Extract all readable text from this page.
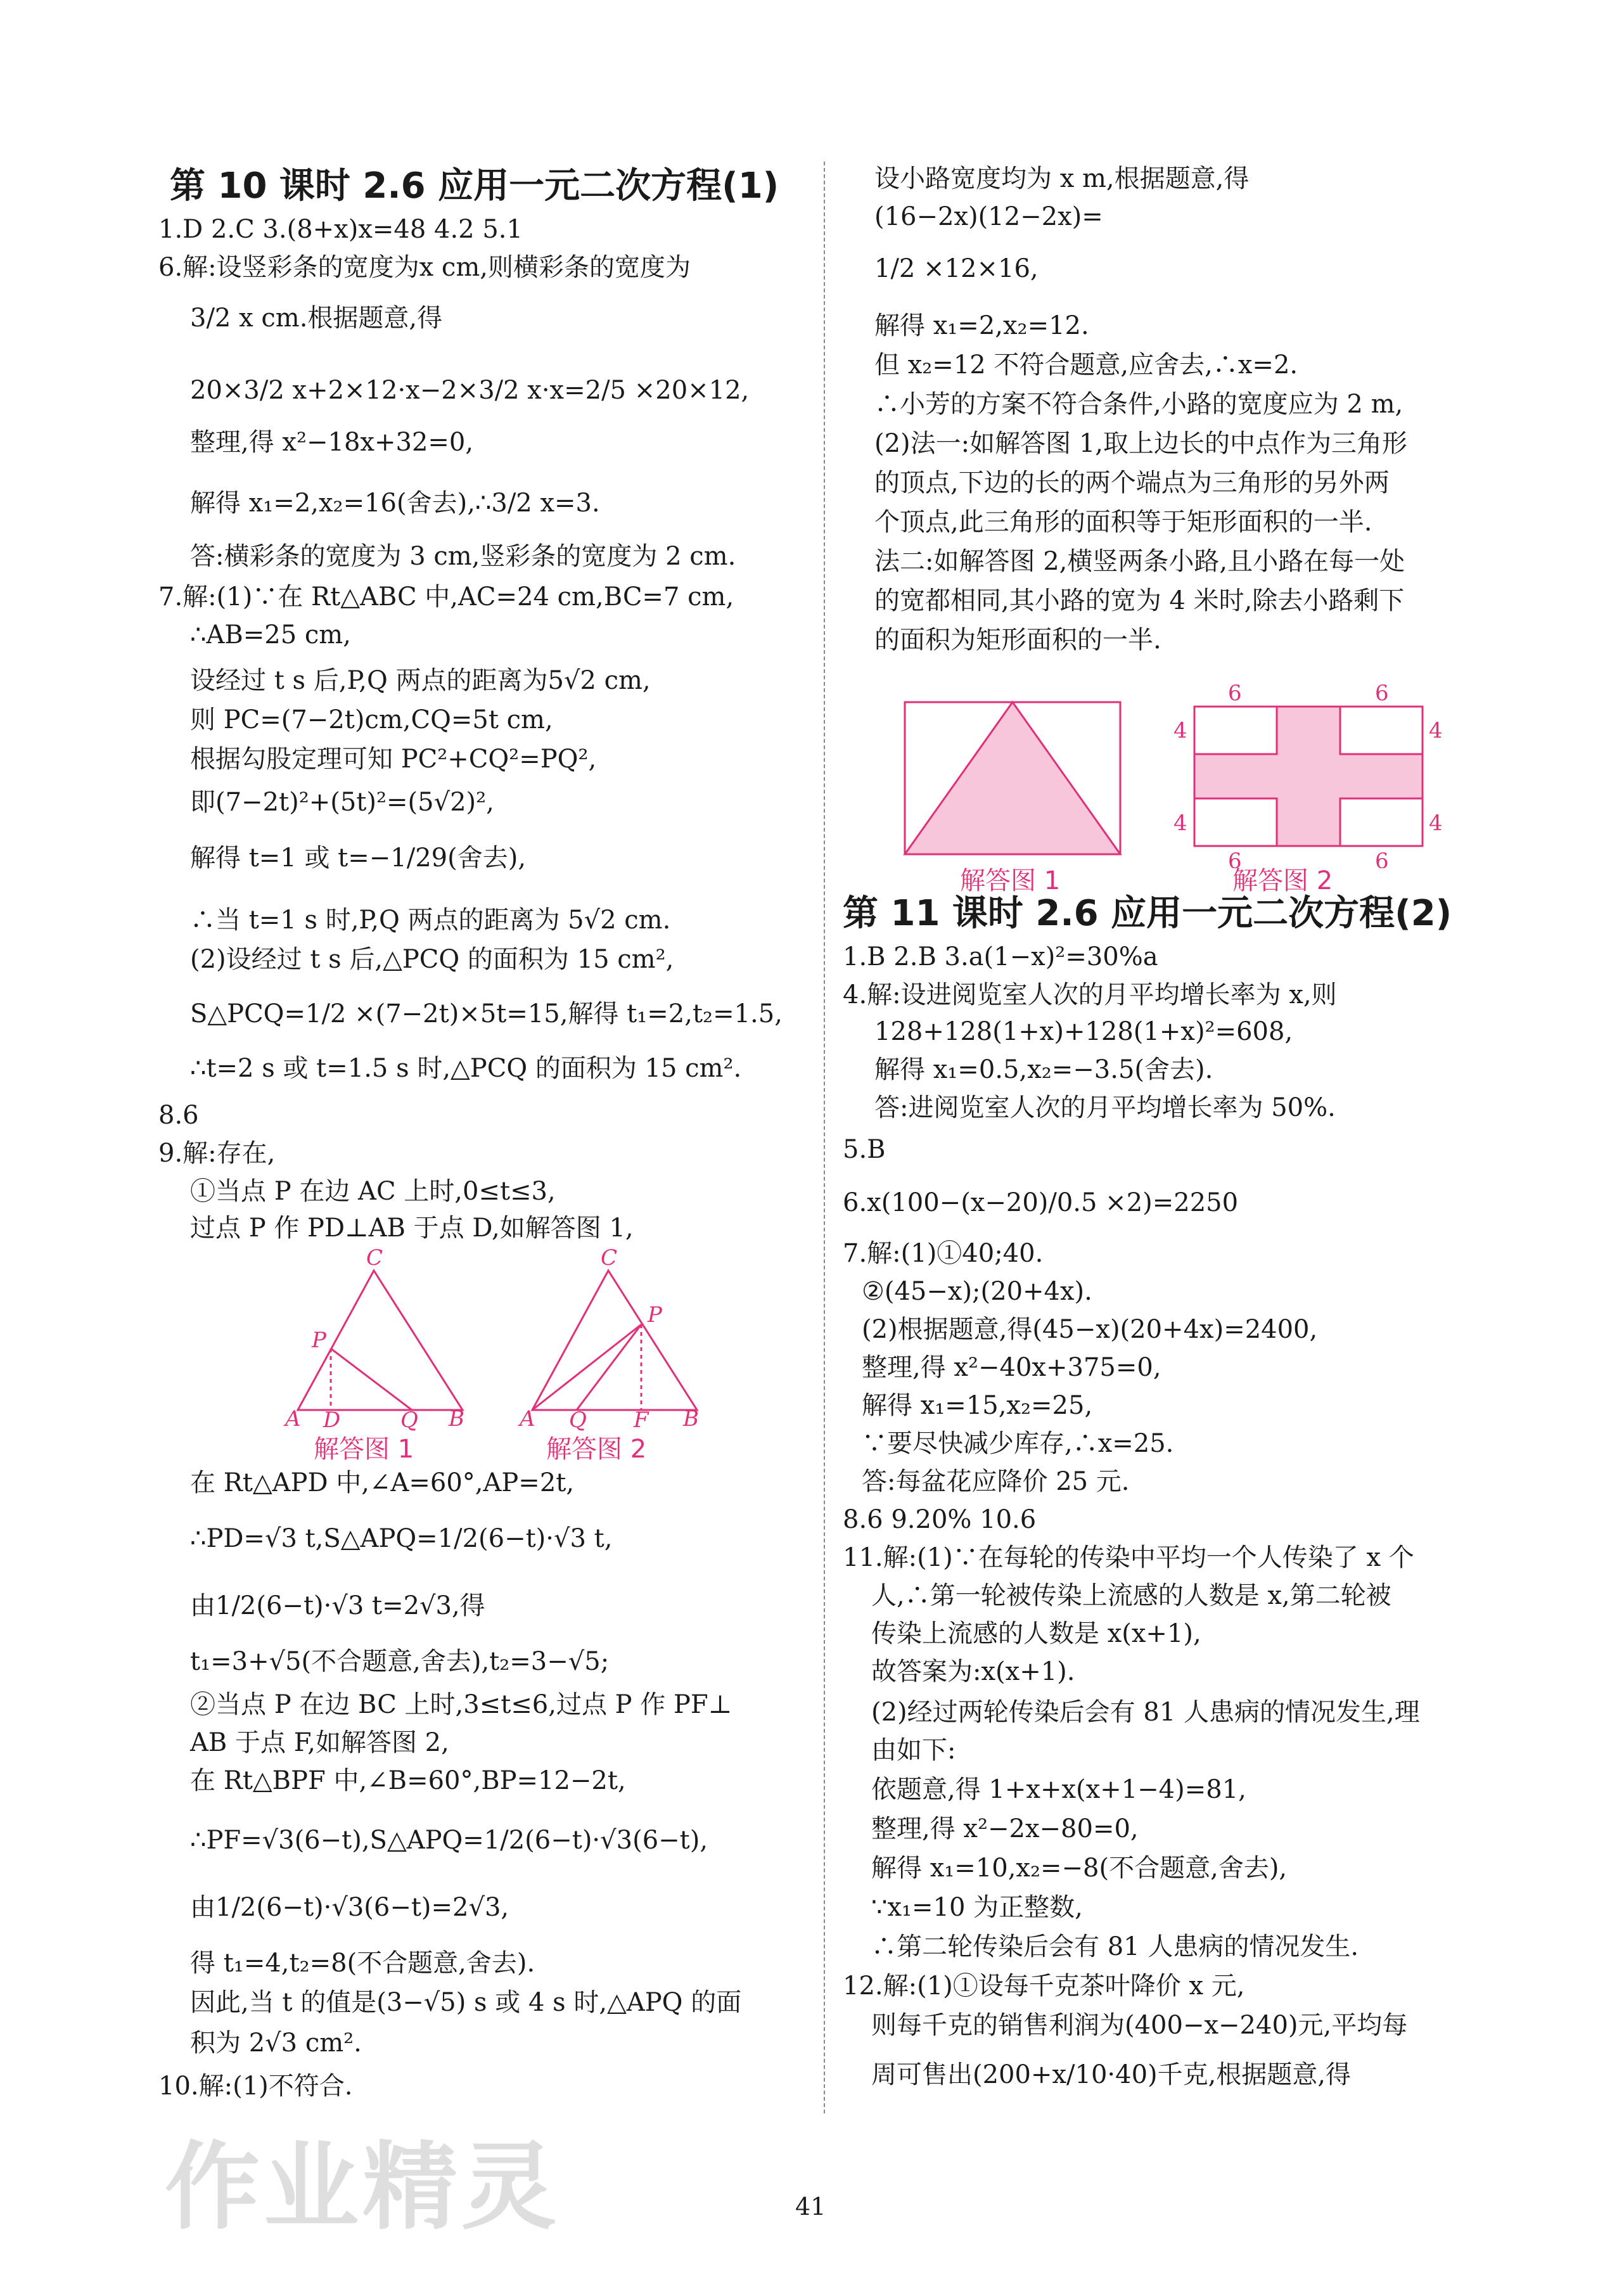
第 10 课时 2.6 应用一元二次方程(1)
1.D 2.C 3.(8+x)x=48 4.2 5.1
6.解:设竖彩条的宽度为x cm,则横彩条的宽度为
3/2 x cm.根据题意,得
20×3/2 x+2×12·x−2×3/2 x·x=2/5 ×20×12,
整理,得 x²−18x+32=0,
解得 x₁=2,x₂=16(舍去),∴3/2 x=3.
答:横彩条的宽度为 3 cm,竖彩条的宽度为 2 cm.
7.解:(1)∵在 Rt△ABC 中,AC=24 cm,BC=7 cm,
∴AB=25 cm,
设经过 t s 后,P,Q 两点的距离为5√2 cm,
则 PC=(7−2t)cm,CQ=5t cm,
根据勾股定理可知 PC²+CQ²=PQ²,
即(7−2t)²+(5t)²=(5√2)²,
解得 t=1 或 t=−1/29(舍去),
∴当 t=1 s 时,P,Q 两点的距离为 5√2 cm.
(2)设经过 t s 后,△PCQ 的面积为 15 cm²,
S△PCQ=1/2 ×(7−2t)×5t=15,解得 t₁=2,t₂=1.5,
∴t=2 s 或 t=1.5 s 时,△PCQ 的面积为 15 cm².
8.6
9.解:存在,
①当点 P 在边 AC 上时,0≤t≤3,
过点 P 作 PD⊥AB 于点 D,如解答图 1,
C
P
A D	Q B
解答图 1
C
P
A Q F B
解答图 2
在 Rt△APD 中,∠A=60°,AP=2t,
∴PD=√3 t,S△APQ=1/2(6−t)·√3 t,
由1/2(6−t)·√3 t=2√3,得
t₁=3+√5(不合题意,舍去),t₂=3−√5;
②当点 P 在边 BC 上时,3≤t≤6,过点 P 作 PF⊥
AB 于点 F,如解答图 2,
在 Rt△BPF 中,∠B=60°,BP=12−2t,
∴PF=√3(6−t),S△APQ=1/2(6−t)·√3(6−t),
由1/2(6−t)·√3(6−t)=2√3,
得 t₁=4,t₂=8(不合题意,舍去).
因此,当 t 的值是(3−√5) s 或 4 s 时,△APQ 的面
积为 2√3 cm².
10.解:(1)不符合.
设小路宽度均为 x m,根据题意,得
(16−2x)(12−2x)=
1/2 ×12×16,
解得 x₁=2,x₂=12.
但 x₂=12 不符合题意,应舍去,∴x=2.
∴小芳的方案不符合条件,小路的宽度应为 2 m,
(2)法一:如解答图 1,取上边长的中点作为三角形
的顶点,下边的长的两个端点为三角形的另外两
个顶点,此三角形的面积等于矩形面积的一半.
法二:如解答图 2,横竖两条小路,且小路在每一处
的宽都相同,其小路的宽为 4 米时,除去小路剩下
的面积为矩形面积的一半.
解答图 1
6	6
4	4
4	4
6	6
解答图 2
第 11 课时 2.6 应用一元二次方程(2)
1.B 2.B 3.a(1−x)²=30%a
4.解:设进阅览室人次的月平均增长率为 x,则
128+128(1+x)+128(1+x)²=608,
解得 x₁=0.5,x₂=−3.5(舍去).
答:进阅览室人次的月平均增长率为 50%.
5.B
6.x(100−(x−20)/0.5 ×2)=2250
7.解:(1)①40;40.
②(45−x);(20+4x).
(2)根据题意,得(45−x)(20+4x)=2400,
整理,得 x²−40x+375=0,
解得 x₁=15,x₂=25,
∵要尽快减少库存,∴x=25.
答:每盆花应降价 25 元.
8.6 9.20% 10.6
11.解:(1)∵在每轮的传染中平均一个人传染了 x 个
人,∴第一轮被传染上流感的人数是 x,第二轮被
传染上流感的人数是 x(x+1),
故答案为:x(x+1).
(2)经过两轮传染后会有 81 人患病的情况发生,理
由如下:
依题意,得 1+x+x(x+1−4)=81,
整理,得 x²−2x−80=0,
解得 x₁=10,x₂=−8(不合题意,舍去),
∵x₁=10 为正整数,
∴第二轮传染后会有 81 人患病的情况发生.
12.解:(1)①设每千克茶叶降价 x 元,
则每千克的销售利润为(400−x−240)元,平均每
周可售出(200+x/10·40)千克,根据题意,得
41
作业精灵
